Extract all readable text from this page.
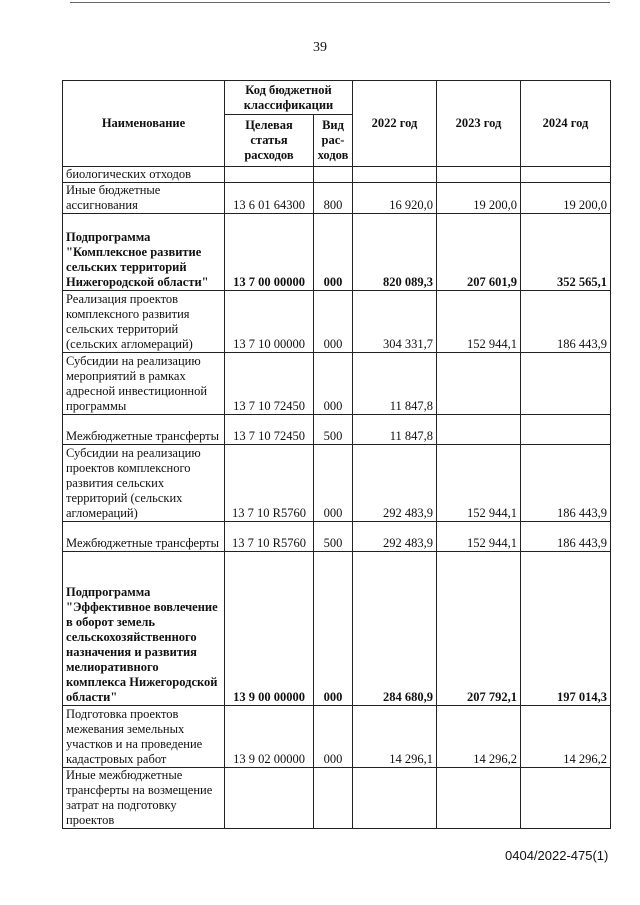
39
Наименование	Код бюджетной классификации		2022 год	2023 год	2024 год
	Целевая статья расходов	Вид рас-ходов			
биологических отходов					
Иные бюджетные ассигнования	13 6 01 64300	800	16 920,0	19 200,0	19 200,0
Подпрограмма "Комплексное развитие сельских территорий Нижегородской области"	13 7 00 00000	000	820 089,3	207 601,9	352 565,1
Реализация проектов комплексного развития сельских территорий (сельских агломераций)	13 7 10 00000	000	304 331,7	152 944,1	186 443,9
Субсидии на реализацию мероприятий в рамках адресной инвестиционной программы	13 7 10 72450	000	11 847,8		
Межбюджетные трансферты	13 7 10 72450	500	11 847,8		
Субсидии на реализацию проектов комплексного развития сельских территорий (сельских агломераций)	13 7 10 R5760	000	292 483,9	152 944,1	186 443,9
Межбюджетные трансферты	13 7 10 R5760	500	292 483,9	152 944,1	186 443,9
Подпрограмма "Эффективное вовлечение в оборот земель сельскохозяйственного назначения и развития мелиоративного комплекса Нижегородской области"	13 9 00 00000	000	284 680,9	207 792,1	197 014,3
Подготовка проектов межевания земельных участков и на проведение кадастровых работ	13 9 02 00000	000	14 296,1	14 296,2	14 296,2
Иные межбюджетные трансферты на возмещение затрат на подготовку проектов					
0404/2022-475(1)
